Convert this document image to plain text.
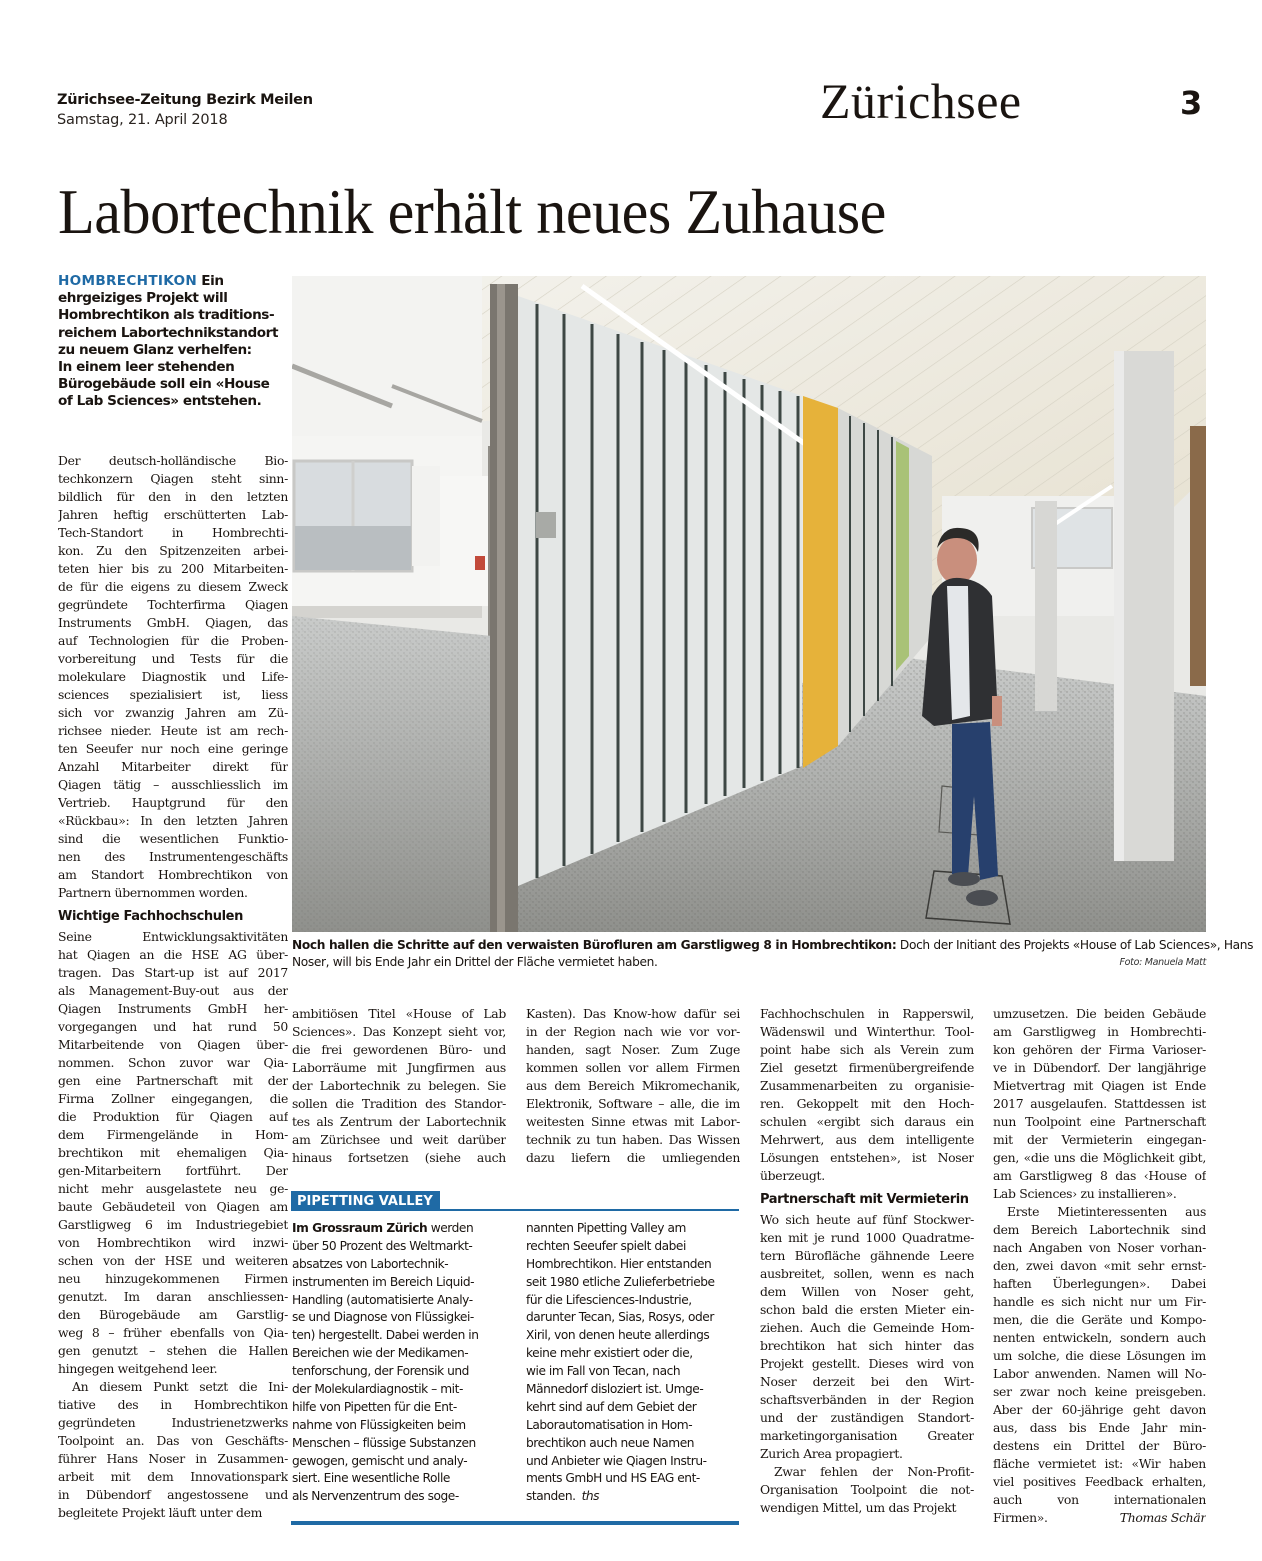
Zürichsee-Zeitung Bezirk Meilen
Samstag, 21. April 2018	Zürichsee	3
Labortechnik erhält neues Zuhause
HOMBRECHTIKON Ein
ehrgeiziges Projekt will
Hombrechtikon als traditions-
reichem Labortechnikstandort
zu neuem Glanz verhelfen:
In einem leer stehenden
Bürogebäude soll ein «House
of Lab Sciences» entstehen.
Noch hallen die Schritte auf den verwaisten Bürofluren am Garstligweg 8 in Hombrechtikon: Doch der Initiant des Projekts «House of Lab Sciences», Hans
Noser, will bis Ende Jahr ein Drittel der Fläche vermietet haben.	Foto: Manuela Matt
Der deutsch-holländische Bio-
techkonzern Qiagen steht sinn-
bildlich für den in den letzten
Jahren heftig erschütterten Lab-
Tech-Standort in Hombrechti-
kon. Zu den Spitzenzeiten arbei-
teten hier bis zu 200 Mitarbeiten-
de für die eigens zu diesem Zweck
gegründete Tochterfirma Qiagen
Instruments GmbH. Qiagen, das
auf Technologien für die Proben-
vorbereitung und Tests für die
molekulare Diagnostik und Life-
sciences spezialisiert ist, liess
sich vor zwanzig Jahren am Zü-
richsee nieder. Heute ist am rech-
ten Seeufer nur noch eine geringe
Anzahl Mitarbeiter direkt für
Qiagen tätig – ausschliesslich im
Vertrieb. Hauptgrund für den
«Rückbau»: In den letzten Jahren
sind die wesentlichen Funktio-
nen des Instrumentengeschäfts
am Standort Hombrechtikon von
Partnern übernommen worden.
Wichtige Fachhochschulen
Seine Entwicklungsaktivitäten
hat Qiagen an die HSE AG über-
tragen. Das Start-up ist auf 2017
als Management-Buy-out aus der
Qiagen Instruments GmbH her-
vorgegangen und hat rund 50
Mitarbeitende von Qiagen über-
nommen. Schon zuvor war Qia-
gen eine Partnerschaft mit der
Firma Zollner eingegangen, die
die Produktion für Qiagen auf
dem Firmengelände in Hom-
brechtikon mit ehemaligen Qia-
gen-Mitarbeitern fortführt. Der
nicht mehr ausgelastete neu ge-
baute Gebäudeteil von Qiagen am
Garstligweg 6 im Industriegebiet
von Hombrechtikon wird inzwi-
schen von der HSE und weiteren
neu hinzugekommenen Firmen
genutzt. Im daran anschliessen-
den Bürogebäude am Garstlig-
weg 8 – früher ebenfalls von Qia-
gen genutzt – stehen die Hallen
hingegen weitgehend leer.
An diesem Punkt setzt die Ini-
tiative des in Hombrechtikon
gegründeten Industrienetzwerks
Toolpoint an. Das von Geschäfts-
führer Hans Noser in Zusammen-
arbeit mit dem Innovationspark
in Dübendorf angestossene und
begleitete Projekt läuft unter dem
ambitiösen Titel «House of Lab
Sciences». Das Konzept sieht vor,
die frei gewordenen Büro- und
Laborräume mit Jungfirmen aus
der Labortechnik zu belegen. Sie
sollen die Tradition des Standor-
tes als Zentrum der Labortechnik
am Zürichsee und weit darüber
hinaus fortsetzen (siehe auch
Kasten). Das Know-how dafür sei
in der Region nach wie vor vor-
handen, sagt Noser. Zum Zuge
kommen sollen vor allem Firmen
aus dem Bereich Mikromechanik,
Elektronik, Software – alle, die im
weitesten Sinne etwas mit Labor-
technik zu tun haben. Das Wissen
dazu liefern die umliegenden
Fachhochschulen in Rapperswil,
Wädenswil und Winterthur. Tool-
point habe sich als Verein zum
Ziel gesetzt firmenübergreifende
Zusammenarbeiten zu organisie-
ren. Gekoppelt mit den Hoch-
schulen «ergibt sich daraus ein
Mehrwert, aus dem intelligente
Lösungen entstehen», ist Noser
überzeugt.
Partnerschaft mit Vermieterin
Wo sich heute auf fünf Stockwer-
ken mit je rund 1000 Quadratme-
tern Bürofläche gähnende Leere
ausbreitet, sollen, wenn es nach
dem Willen von Noser geht,
schon bald die ersten Mieter ein-
ziehen. Auch die Gemeinde Hom-
brechtikon hat sich hinter das
Projekt gestellt. Dieses wird von
Noser derzeit bei den Wirt-
schaftsverbänden in der Region
und der zuständigen Standort-
marketingorganisation Greater
Zurich Area propagiert.
Zwar fehlen der Non-Profit-
Organisation Toolpoint die not-
wendigen Mittel, um das Projekt
umzusetzen. Die beiden Gebäude
am Garstligweg in Hombrechti-
kon gehören der Firma Varioser-
ve in Dübendorf. Der langjährige
Mietvertrag mit Qiagen ist Ende
2017 ausgelaufen. Stattdessen ist
nun Toolpoint eine Partnerschaft
mit der Vermieterin eingegan-
gen, «die uns die Möglichkeit gibt,
am Garstligweg 8 das ‹House of
Lab Sciences› zu installieren».
Erste Mietinteressenten aus
dem Bereich Labortechnik sind
nach Angaben von Noser vorhan-
den, zwei davon «mit sehr ernst-
haften Überlegungen». Dabei
handle es sich nicht nur um Fir-
men, die die Geräte und Kompo-
nenten entwickeln, sondern auch
um solche, die diese Lösungen im
Labor anwenden. Namen will No-
ser zwar noch keine preisgeben.
Aber der 60-jährige geht davon
aus, dass bis Ende Jahr min-
destens ein Drittel der Büro-
fläche vermietet ist: «Wir haben
viel positives Feedback erhalten,
auch von internationalen
Firmen».	Thomas Schär
PIPETTING VALLEY
Im Grossraum Zürich werden
über 50 Prozent des Weltmarkt-
absatzes von Labortechnik-
instrumenten im Bereich Liquid-
Handling (automatisierte Analy-
se und Diagnose von Flüssigkei-
ten) hergestellt. Dabei werden in
Bereichen wie der Medikamen-
tenforschung, der Forensik und
der Molekulardiagnostik – mit-
hilfe von Pipetten für die Ent-
nahme von Flüssigkeiten beim
Menschen – flüssige Substanzen
gewogen, gemischt und analy-
siert. Eine wesentliche Rolle
als Nervenzentrum des soge-
nannten Pipetting Valley am
rechten Seeufer spielt dabei
Hombrechtikon. Hier entstanden
seit 1980 etliche Zulieferbetriebe
für die Lifesciences-Industrie,
darunter Tecan, Sias, Rosys, oder
Xiril, von denen heute allerdings
keine mehr existiert oder die,
wie im Fall von Tecan, nach
Männedorf disloziert ist. Umge-
kehrt sind auf dem Gebiet der
Laborautomatisation in Hom-
brechtikon auch neue Namen
und Anbieter wie Qiagen Instru-
ments GmbH und HS EAG ent-
standen. ths
